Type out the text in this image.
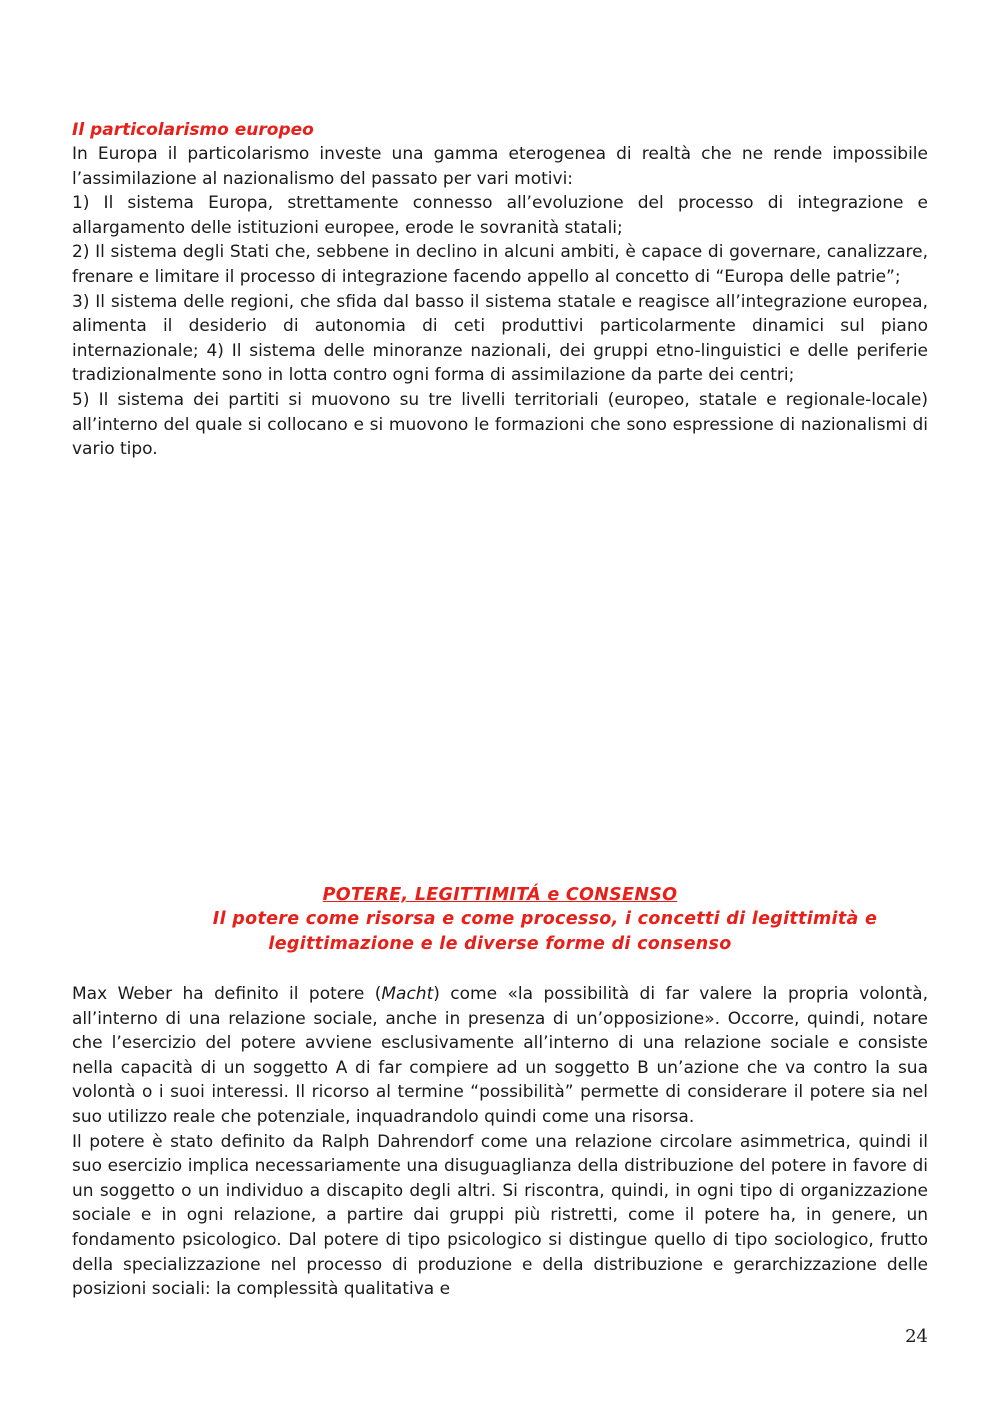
Il particolarismo europeo

In Europa il particolarismo investe una gamma eterogenea di realtà che ne rende impossibile l’assimilazione al nazionalismo del passato per vari motivi:

1) Il sistema Europa, strettamente connesso all’evoluzione del processo di integrazione e allargamento delle istituzioni europee, erode le sovranità statali;

2) Il sistema degli Stati che, sebbene in declino in alcuni ambiti, è capace di governare, canalizzare, frenare e limitare il processo di integrazione facendo appello al concetto di “Europa delle patrie”;

3) Il sistema delle regioni, che sfida dal basso il sistema statale e reagisce all’integrazione europea, alimenta il desiderio di autonomia di ceti produttivi particolarmente dinamici sul piano internazionale; 4) Il sistema delle minoranze nazionali, dei gruppi etno-linguistici e delle periferie tradizionalmente sono in lotta contro ogni forma di assimilazione da parte dei centri;

5) Il sistema dei partiti si muovono su tre livelli territoriali (europeo, statale e regionale-locale) all’interno del quale si collocano e si muovono le formazioni che sono espressione di nazionalismi di vario tipo.

POTERE, LEGITTIMITÁ e CONSENSO
Il potere come risorsa e come processo, i concetti di legittimità e
legittimazione e le diverse forme di consenso

Max Weber ha definito il potere (Macht) come «la possibilità di far valere la propria volontà, all’interno di una relazione sociale, anche in presenza di un’opposizione». Occorre, quindi, notare che l’esercizio del potere avviene esclusivamente all’interno di una relazione sociale e consiste nella capacità di un soggetto A di far compiere ad un soggetto B un’azione che va contro la sua volontà o i suoi interessi. Il ricorso al termine “possibilità” permette di considerare il potere sia nel suo utilizzo reale che potenziale, inquadrandolo quindi come una risorsa.

Il potere è stato definito da Ralph Dahrendorf come una relazione circolare asimmetrica, quindi il suo esercizio implica necessariamente una disuguaglianza della distribuzione del potere in favore di un soggetto o un individuo a discapito degli altri. Si riscontra, quindi, in ogni tipo di organizzazione sociale e in ogni relazione, a partire dai gruppi più ristretti, come il potere ha, in genere, un fondamento psicologico. Dal potere di tipo psicologico si distingue quello di tipo sociologico, frutto della specializzazione nel processo di produzione e della distribuzione e gerarchizzazione delle posizioni sociali: la complessità qualitativa e

24
